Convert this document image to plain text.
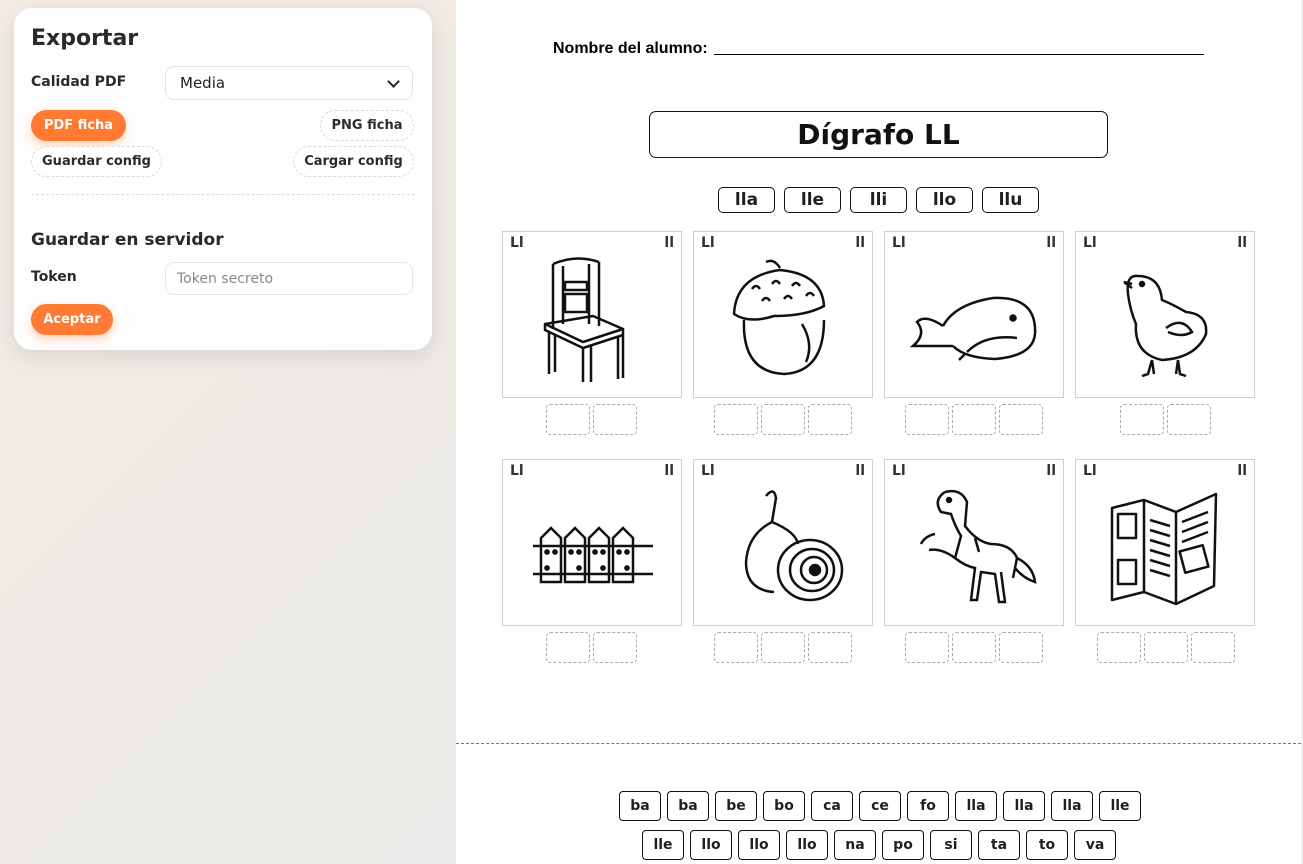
Exportar
Calidad PDF	Media
PDF ficha	PNG ficha
Guardar config	Cargar config
Guardar en servidor
Token	Token secreto
Aceptar
Nombre del alumno:
Dígrafo LL
lla	lle	lli	llo	llu
Ll	ll Ll	ll Ll	ll Ll	ll
Ll	ll Ll	ll Ll	ll Ll	ll
ba	ba	be	bo	ca	ce	fo	lla	lla	lla	lle
lle	llo	llo	llo	na	po	si	ta	to	va
